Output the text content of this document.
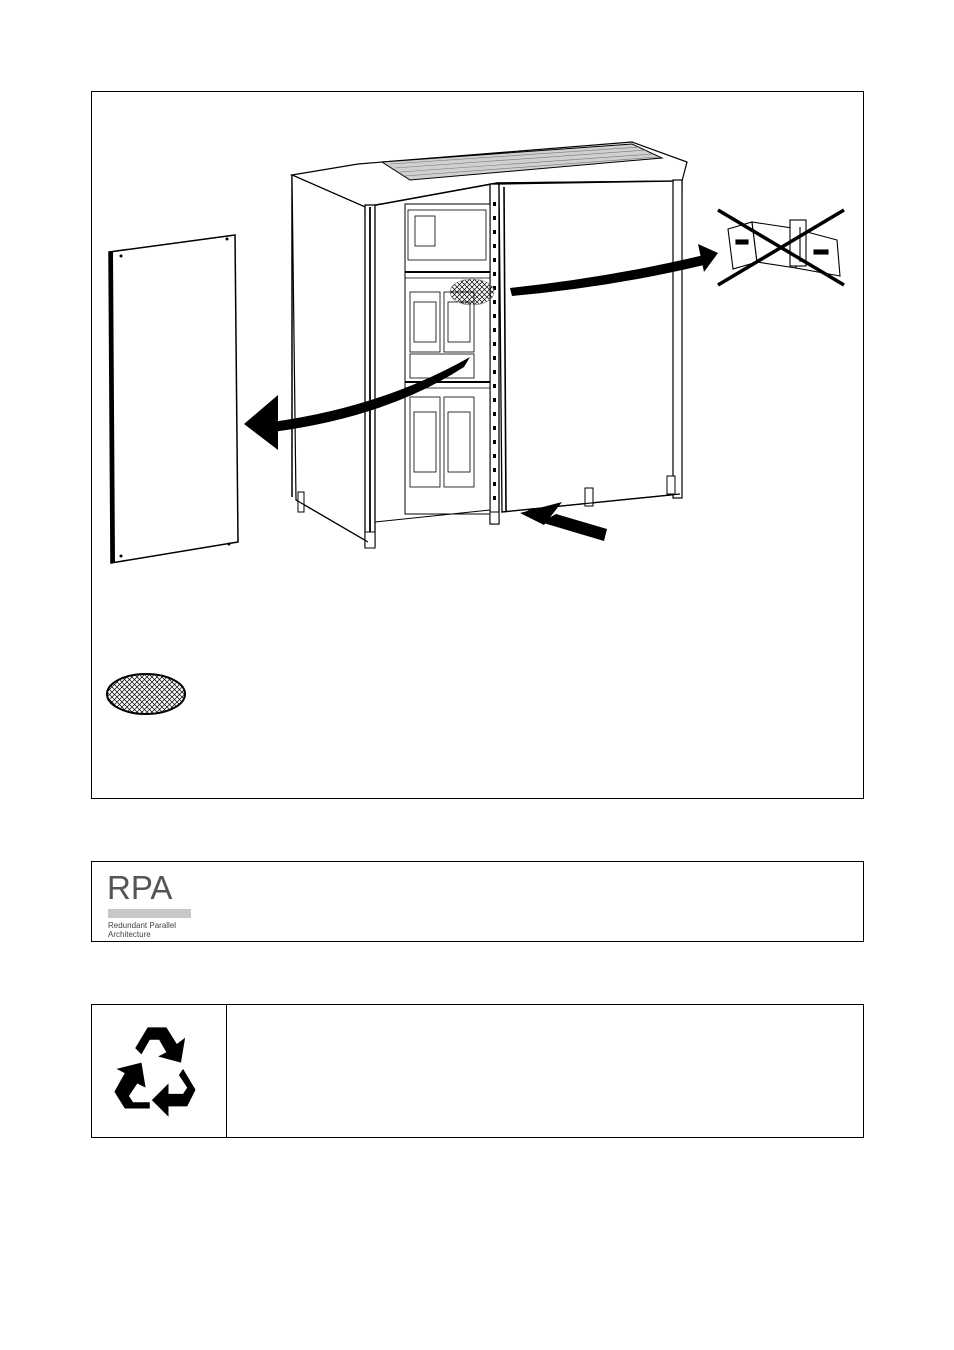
RPA
Redundant Parallel
Architecture
